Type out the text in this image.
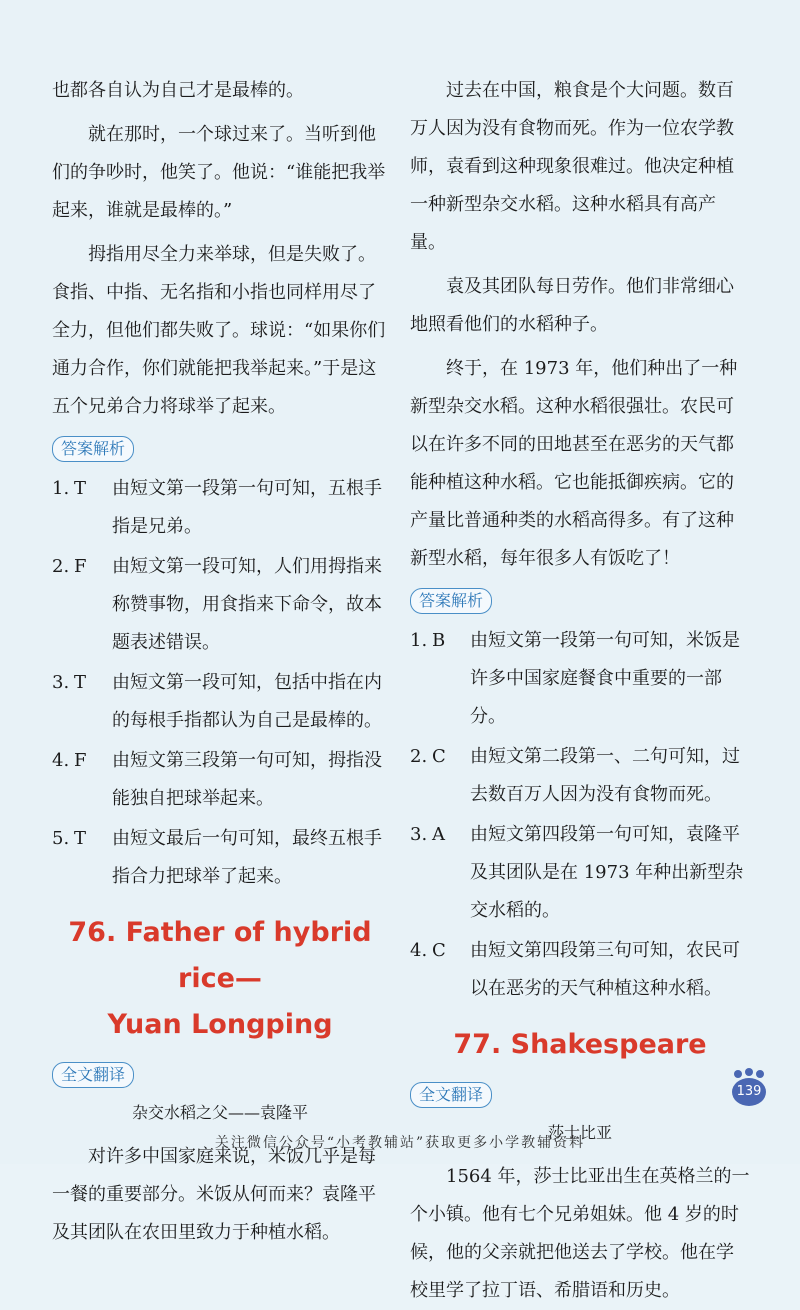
也都各自认为自己才是最棒的。

就在那时，一个球过来了。当听到他们的争吵时，他笑了。他说：“谁能把我举起来，谁就是最棒的。”

拇指用尽全力来举球，但是失败了。食指、中指、无名指和小指也同样用尽了全力，但他们都失败了。球说：“如果你们通力合作，你们就能把我举起来。”于是这五个兄弟合力将球举了起来。

答案解析
1. T	由短文第一段第一句可知，五根手指是兄弟。
2. F	由短文第一段可知，人们用拇指来称赞事物，用食指来下命令，故本题表述错误。
3. T	由短文第一段可知，包括中指在内的每根手指都认为自己是最棒的。
4. F	由短文第三段第一句可知，拇指没能独自把球举起来。
5. T	由短文最后一句可知，最终五根手指合力把球举了起来。
76. Father of hybrid rice—
Yuan Longping
全文翻译

杂交水稻之父——袁隆平

对许多中国家庭来说，米饭几乎是每一餐的重要部分。米饭从何而来？袁隆平及其团队在农田里致力于种植水稻。

过去在中国，粮食是个大问题。数百万人因为没有食物而死。作为一位农学教师，袁看到这种现象很难过。他决定种植一种新型杂交水稻。这种水稻具有高产量。

袁及其团队每日劳作。他们非常细心地照看他们的水稻种子。

终于，在 1973 年，他们种出了一种新型杂交水稻。这种水稻很强壮。农民可以在许多不同的田地甚至在恶劣的天气都能种植这种水稻。它也能抵御疾病。它的产量比普通种类的水稻高得多。有了这种新型水稻，每年很多人有饭吃了！

答案解析
1. B	由短文第一段第一句可知，米饭是许多中国家庭餐食中重要的一部分。
2. C	由短文第二段第一、二句可知，过去数百万人因为没有食物而死。
3. A	由短文第四段第一句可知，袁隆平及其团队是在 1973 年种出新型杂交水稻的。
4. C	由短文第四段第三句可知，农民可以在恶劣的天气种植这种水稻。
77. Shakespeare
全文翻译

莎士比亚

1564 年，莎士比亚出生在英格兰的一个小镇。他有七个兄弟姐妹。他 4 岁的时候，他的父亲就把他送去了学校。他在学校里学了拉丁语、希腊语和历史。

139
关注微信公众号“小考教辅站”获取更多小学教辅资料
